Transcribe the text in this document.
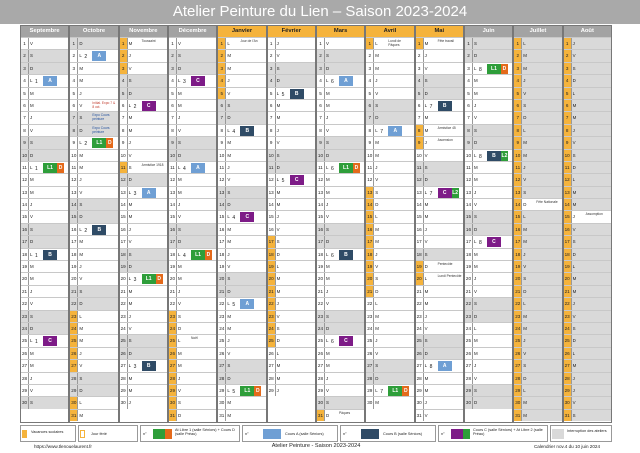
Atelier Peinture du Lien – Saison 2023-2024
Septembre
1 V
2 S
3 D
4 L 1	A
5 M
6 M
7 J
8 V
9 S
10 D
11 L 1	L1	D
12 M
13 M
14 J
15 V
16 S
17 D
18 L 1	B
19 M
20 M
21 J
22 V
23 S
24 D
25 L 1	C
26 M
27 M
28 J
29 V
30 S
Octobre
1 D
2 L 2	A
3 M
4 M
5 J
6 V	Initial. Expo 7 & 8 oct.
7 S	Expo Cours peinture
8 D	Expo Cours peinture
9 L 2	L1	D
10 M
11 M
12 J
13 V
14 S
15 D
16 L 2	B
17 M
18 M
19 J
20 V
21 S
22 D
23 L
24 M
25 M
26 J
27 V
28 S
29 D
30 L
31 M
Novembre
1 M	Toussaint
2 J
3 V
4 S
5 D
6 L 2	C
7 M
8 M
9 J
10 V
11 S	Armistice 1918
12 D
13 L 3	A
14 M
15 M
16 J
17 V
18 S
19 D
20 L 3	L1	D
21 M
22 M
23 J
24 V
25 S
26 D
27 L 3	B
28 M
29 M
30 J
Décembre
1 V
2 S
3 D
4 L 3	C
5 M
6 M
7 J
8 V
9 S
10 D
11 L 4	A
12 M
13 M
14 J
15 V
16 S
17 D
18 L 4	L1	D
19 M
20 M
21 J
22 V
23 S
24 D
25 L	Noël
26 M
27 M
28 J
29 V
30 S
31 D
Janvier
1 L	Jour de l'An
2 M
3 M
4 J
5 V
6 S
7 D
8 L 4	B
9 M
10 M
11 J
12 V
13 S
14 D
15 L 4	C
16 M
17 M
18 J
19 V
20 S
21 D
22 L 5	A
23 M
24 M
25 J
26 V
27 S
28 D
29 L 5	L1	D
30 M
31 M
Février
1 J
2 V
3 S
4 D
5 L 5	B
6 M
7 M
8 J
9 V
10 S
11 D
12 L 5	C
13 M
14 M
15 J
16 V
17 S
18 D
19 L
20 M
21 M
22 J
23 V
24 S
25 D
26 L
27 M
28 M
29 J
Mars
1 V
2 S
3 D
4 L 6	A
5 M
6 M
7 J
8 V
9 S
10 D
11 L 6	L1	D
12 M
13 M
14 J
15 V
16 S
17 D
18 L 6	B
19 M
20 M
21 J
22 V
23 S
24 D
25 L 6	C
26 M
27 M
28 J
29 V
30 S
31 D	Pâques
Avril
1 L	Lundi de Pâques
2 M
3 M
4 J
5 V
6 S
7 D
8 L 7	A
9 M
10 M
11 J
12 V
13 S
14 D
15 L
16 M
17 M
18 J
19 V
20 S
21 D
22 L
23 M
24 M
25 J
26 V
27 S
28 D
29 L 7	L1	D
30 M
Mai
1 M	Fête travail
2 J
3 V
4 S
5 D
6 L 7	B
7 M
8 M	Armistice 45
9 J	Ascension
10 V
11 S
12 D
13 L 7	C	L2
14 M
15 M
16 J
17 V
18 S
19 D	Pentecôte
20 L	Lundi Pentecôte
21 M
22 M
23 J
24 V
25 S
26 D
27 L 8	A
28 M
29 M
30 J
31 V
Juin
1 S
2 D
3 L 8	L1	D
4 M
5 M
6 J
7 V
8 S
9 D
10 L 8	B	L2
11 M
12 M
13 J
14 V
15 S
16 D
17 L 8	C
18 M
19 M
20 J
21 V
22 S
23 D
24 L
25 M
26 M
27 J
28 V
29 S
30 D
Juillet
1 L
2 M
3 M
4 J
5 V
6 S
7 D
8 L
9 M
10 M
11 J
12 V
13 S
14 D	Fête Nationale
15 L
16 M
17 M
18 J
19 V
20 S
21 D
22 L
23 M
24 M
25 J
26 V
27 S
28 D
29 L
30 M
31 M
Août
1 J
2 V
3 S
4 D
5 L
6 M
7 M
8 J
9 V
10 S
11 D
12 L
13 M
14 M
15 J	Assomption
16 V
17 S
18 D
19 L
20 M
21 M
22 J
23 V
24 S
25 D
26 L
27 M
28 J
29 J
30 V
31 S
Vacances scolaires	Jour férié	n°
At Libre 1 (salle Séniors) + Cours D (salle Préau)	n°	Cours A (salle Séniors)	n°	Cours B (salle Séniors)	n°
Cours C (salle Séniors) + At Libre 2 (salle Préau)
Interruption des ateliers
https://www.tlenouelaurent.fr	Atelier Peinture - Saison 2023-2024	Calendrier nov.4 du 10 juin 2024
